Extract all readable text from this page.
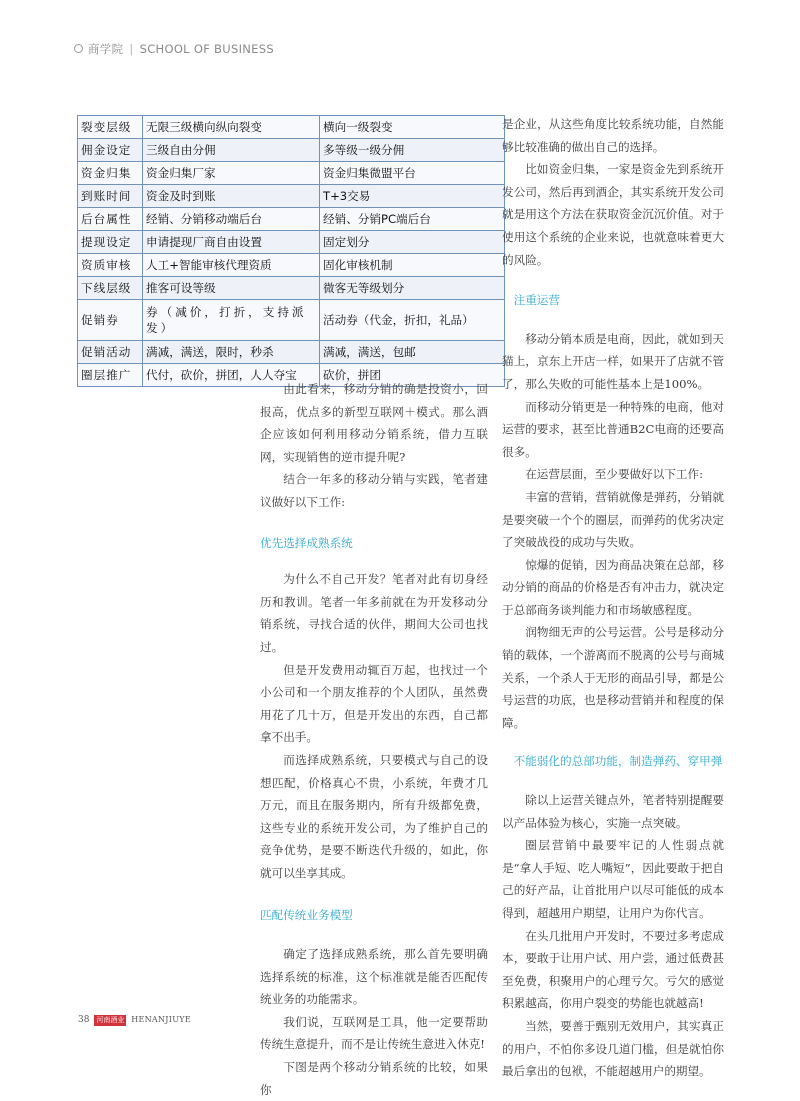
商学院 | SCHOOL OF BUSINESS
裂变层级	无限三级横向纵向裂变	横向一级裂变
佣金设定	三级自由分佣	多等级一级分佣
资金归集	资金归集厂家	资金归集微盟平台
到账时间	资金及时到账	T+3交易
后台属性	经销、分销移动端后台	经销、分销PC端后台
提现设定	申请提现厂商自由设置	固定划分
资质审核	人工+智能审核代理资质	固化审核机制
下线层级	推客可设等级	微客无等级划分
促销券	券（减价，打折，支持派发）	活动券（代金，折扣，礼品）
促销活动	满减，满送，限时，秒杀	满减，满送，包邮
圈层推广	代付，砍价，拼团，人人夺宝	砍价，拼团

由此看来，移动分销的确是投资小，回报高，优点多的新型互联网＋模式。那么酒企应该如何利用移动分销系统，借力互联网，实现销售的逆市提升呢?

结合一年多的移动分销与实践，笔者建议做好以下工作:

优先选择成熟系统

为什么不自己开发？笔者对此有切身经历和教训。笔者一年多前就在为开发移动分销系统，寻找合适的伙伴，期间大公司也找过。

但是开发费用动辄百万起，也找过一个小公司和一个朋友推荐的个人团队，虽然费用花了几十万，但是开发出的东西，自己都拿不出手。

而选择成熟系统，只要模式与自己的设想匹配，价格真心不贵，小系统，年费才几万元，而且在服务期内，所有升级都免费，这些专业的系统开发公司，为了维护自己的竞争优势，是要不断迭代升级的，如此，你就可以坐享其成。

匹配传统业务模型

确定了选择成熟系统，那么首先要明确选择系统的标准，这个标准就是能否匹配传统业务的功能需求。

我们说，互联网是工具，他一定要帮助传统生意提升，而不是让传统生意进入休克!

下图是两个移动分销系统的比较，如果你

是企业，从这些角度比较系统功能，自然能够比较准确的做出自己的选择。

比如资金归集，一家是资金先到系统开发公司，然后再到酒企，其实系统开发公司就是用这个方法在获取资金沉沉价值。对于使用这个系统的企业来说，也就意味着更大的风险。

注重运营

移动分销本质是电商，因此，就如到天猫上，京东上开店一样，如果开了店就不管了，那么失败的可能性基本上是100%。

而移动分销更是一种特殊的电商，他对运营的要求，甚至比普通B2C电商的还要高很多。

在运营层面，至少要做好以下工作:

丰富的营销，营销就像是弹药，分销就是要突破一个个的圈层，而弹药的优劣决定了突破战役的成功与失败。

惊爆的促销，因为商品决策在总部，移动分销的商品的价格是否有冲击力，就决定于总部商务谈判能力和市场敏感程度。

润物细无声的公号运营。公号是移动分销的载体，一个游离而不脱离的公号与商城关系，一个杀人于无形的商品引导，都是公号运营的功底，也是移动营销并和程度的保障。

不能弱化的总部功能，制造弹药、穿甲弹

除以上运营关键点外，笔者特别提醒要以产品体验为核心，实施一点突破。

圈层营销中最要牢记的人性弱点就是“拿人手短、吃人嘴短”，因此要敢于把自己的好产品，让首批用户以尽可能低的成本得到，超越用户期望，让用户为你代言。

在头几批用户开发时，不要过多考虑成本，要敢于让用户试、用户尝，通过低费甚至免费，积聚用户的心理亏欠。亏欠的感觉积累越高，你用户裂变的势能也就越高!

当然，要善于甄别无效用户，其实真正的用户，不怕你多设几道门槛，但是就怕你最后拿出的包袱，不能超越用户的期望。

38 河南酒业 HENANJIUYE
